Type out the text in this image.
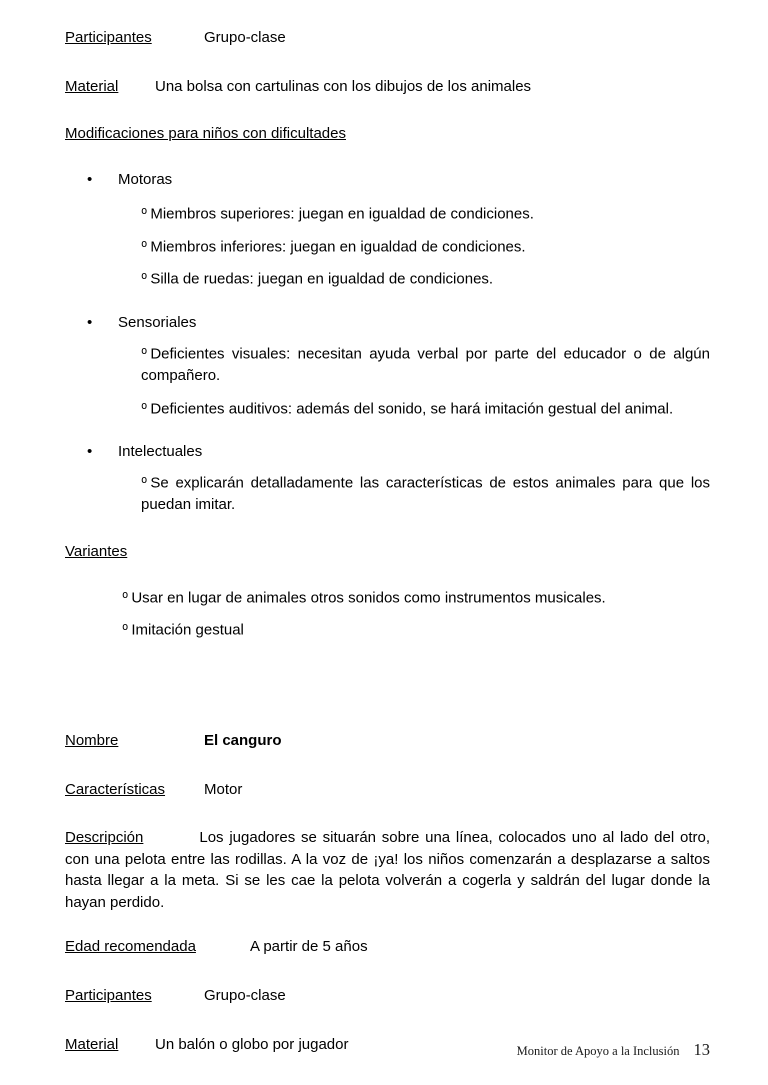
Participantes	Grupo-clase
Material Una bolsa con cartulinas con los dibujos de los animales

Modificaciones para niños con dificultades

• Motoras
$^o$ Miembros superiores: juegan en igualdad de condiciones.
$^o$ Miembros inferiores: juegan en igualdad de condiciones.
$^o$ Silla de ruedas: juegan en igualdad de condiciones.
• Sensoriales
$^o$ Deficientes visuales: necesitan ayuda verbal por parte del educador o de algún compañero.
$^o$ Deficientes auditivos: además del sonido, se hará imitación gestual del animal.
• Intelectuales
$^o$ Se explicarán detalladamente las características de estos animales para que los puedan imitar.

Variantes

$^o$ Usar en lugar de animales otros sonidos como instrumentos musicales.
$^o$ Imitación gestual
Nombre	El canguro
Características	Motor

Descripción	Los jugadores se situarán sobre una línea, colocados uno al lado del otro, con una pelota entre las rodillas. A la voz de ¡ya! los niños comenzarán a desplazarse a saltos hasta llegar a la meta. Si se les cae la pelota volverán a cogerla y saldrán del lugar donde la hayan perdido.

Edad recomendada	A partir de 5 años
Participantes	Grupo-clase
Material Un balón o globo por jugador	Monitor de Apoyo a la Inclusión 13
